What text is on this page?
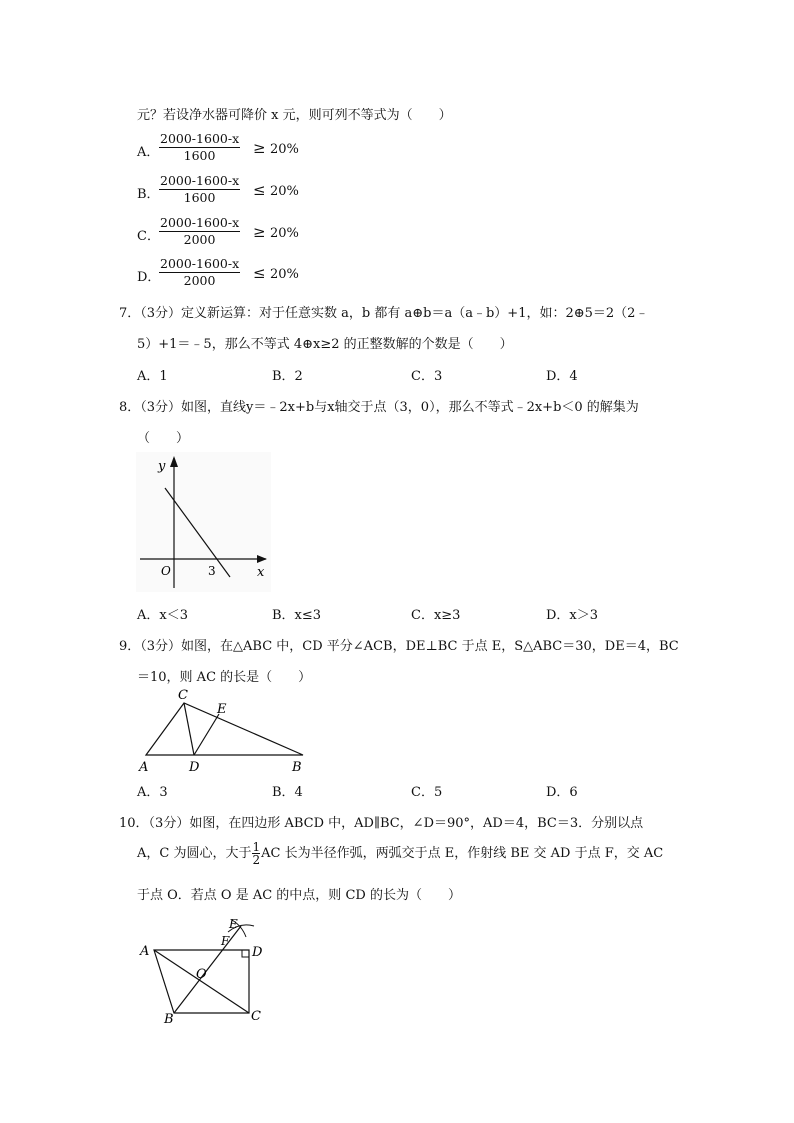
元？若设净水器可降价 x 元，则可列不等式为（　　）
A． $\frac{2000-1600-x}{1600} \ge 20\%$
B． $\frac{2000-1600-x}{1600} \le 20\%$
C． $\frac{2000-1600-x}{2000} \ge 20\%$
D．
$\frac{2000-1600-x}{2000} \le 20\%$
7．（3分）定义新运算：对于任意实数 a，b 都有 a⊕b＝a（a﹣b）+1，如：2⊕5＝2（2﹣
5）+1＝﹣5，那么不等式 4⊕x≥2 的正整数解的个数是（　　）
A．1	B．2	C．3	D．4
8．（3分）如图，直线y＝﹣2x+b与x轴交于点（3，0），那么不等式﹣2x+b＜0 的解集为
（　　）
y
x
O	3
A．x＜3	B．x≤3	C．x≥3	D．x＞3
9．（3分）如图，在△ABC 中，CD 平分∠ACB，DE⊥BC 于点 E，S△ABC＝30，DE＝4，BC
＝10，则 AC 的长是（　　）
C
E
A	D	B
A．3	B．4	C．5	D．6
10．（3分）如图，在四边形 ABCD 中，AD∥BC，∠D＝90°，AD＝4，BC＝3．分别以点
A，C 为圆心，大于 $\frac{1}{2}$ AC 长为半径作弧，两弧交于点 E，作射线 BE 交 AD 于点 F，交 AC
于点 O．若点 O 是 AC 的中点，则 CD 的长为（　　）
A	D
B	C
F
E
O
